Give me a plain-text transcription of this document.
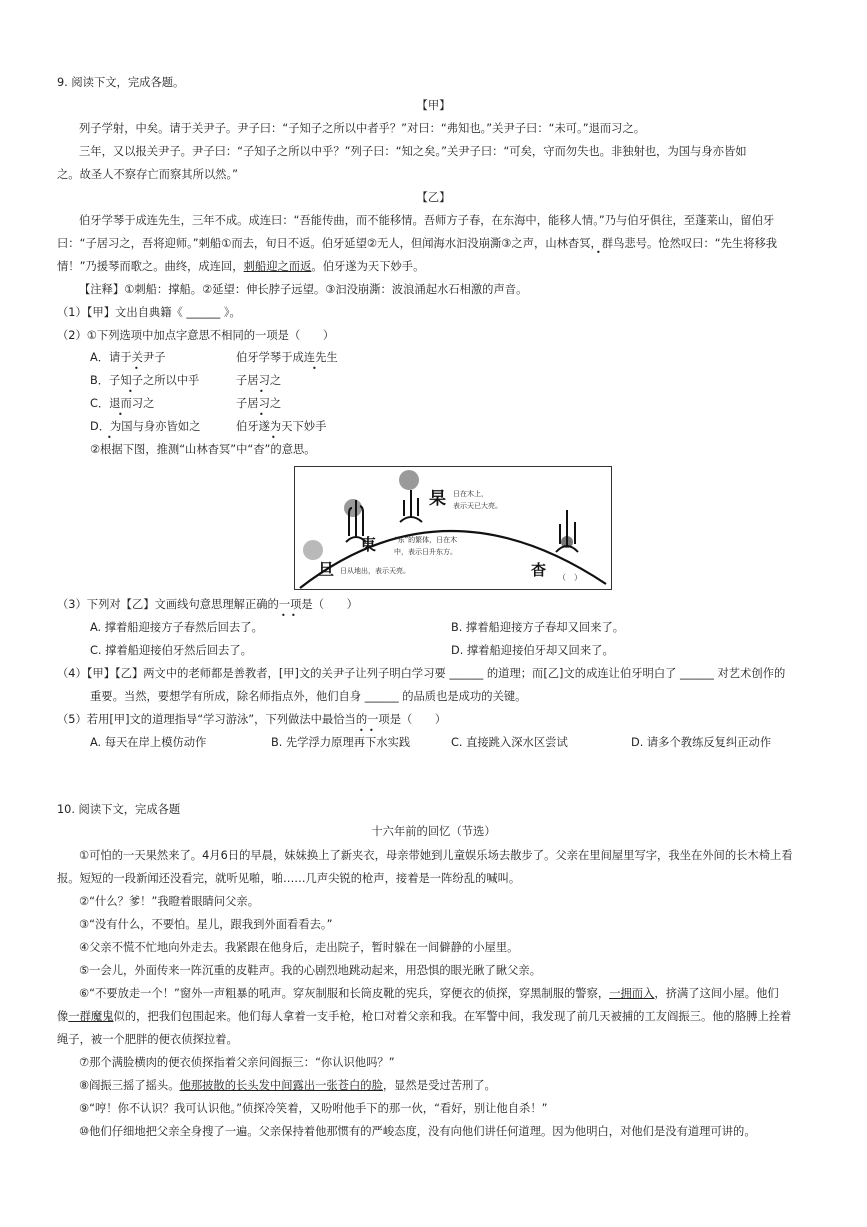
9. 阅读下文，完成各题。
【甲】
列子学射，中矣。请于关尹子。尹子曰：“子知子之所以中者乎？”对曰：“弗知也。”关尹子曰：“未可。”退而习之。
三年，又以报关尹子。尹子曰：“子知子之所以中乎？”列子曰：“知之矣。”关尹子曰：“可矣，守而勿失也。非独射也，为国与身亦皆如
之。故圣人不察存亡而察其所以然。”
【乙】
伯牙学琴于成连先生，三年不成。成连曰：“吾能传曲，而不能移情。吾师方子春，在东海中，能移人情。”乃与伯牙俱往，至蓬莱山，留伯牙
曰：“子居习之，吾将迎师。”刺船①而去，旬日不返。伯牙延望②无人，但闻海水汩没崩澌③之声，山林杳冥，群鸟悲号。怆然叹曰：“先生将移我
情！”乃援琴而歌之。曲终，成连回，刺船迎之而返。伯牙遂为天下妙手。
•
【注释】①刺船：撑船。②延望：伸长脖子远望。③汩没崩澌：波浪涌起水石相激的声音。
（1）【甲】文出自典籍《 ______ 》。
（2）①下列选项中加点字意思不相同的一项是（　　）
A．请于关尹子	伯牙学琴于成连先生
B．子知子之所以中乎	子居习之
C．退而习之	子居习之
D．为国与身亦皆如之	伯牙遂为天下妙手
•	•
•	•
•	•
•	•
②根据下图，推测“山林杳冥”中“杳”的意思。
杲 日在木上，
表示天已大亮。
東	“东”的繁体，日在木
中，表示日升东方。
旦 日从地出，表示天亮。	杳 （　）
（3）下列对【乙】文画线句意思理解正确的一项是（　　）
• •
A. 撑着船迎接方子春然后回去了。	B. 撑着船迎接方子春却又回来了。
C. 撑着船迎接伯牙然后回去了。	D. 撑着船迎接伯牙却又回来了。
（4）【甲】【乙】两文中的老师都是善教者，[甲]文的关尹子让列子明白学习要 ______ 的道理；而[乙]文的成连让伯牙明白了 ______ 对艺术创作的
重要。当然，要想学有所成，除名师指点外，他们自身 ______ 的品质也是成功的关键。
（5）若用[甲]文的道理指导“学习游泳”，下列做法中最恰当的一项是（　　）
• •
A. 每天在岸上模仿动作	B. 先学浮力原理再下水实践	C. 直接跳入深水区尝试	D. 请多个教练反复纠正动作
10. 阅读下文，完成各题
十六年前的回忆（节选）
①可怕的一天果然来了。4月6日的早晨，妹妹换上了新夹衣，母亲带她到儿童娱乐场去散步了。父亲在里间屋里写字，我坐在外间的长木椅上看
报。短短的一段新闻还没看完，就听见啪，啪……几声尖锐的枪声，接着是一阵纷乱的喊叫。
②“什么？爹！”我瞪着眼睛问父亲。
③“没有什么，不要怕。星儿，跟我到外面看看去。”
④父亲不慌不忙地向外走去。我紧跟在他身后，走出院子，暂时躲在一间僻静的小屋里。
⑤一会儿，外面传来一阵沉重的皮鞋声。我的心剧烈地跳动起来，用恐惧的眼光瞅了瞅父亲。
⑥“不要放走一个！”窗外一声粗暴的吼声。穿灰制服和长筒皮靴的宪兵，穿便衣的侦探，穿黑制服的警察，一拥而入，挤满了这间小屋。他们
像一群魔鬼似的，把我们包围起来。他们每人拿着一支手枪，枪口对着父亲和我。在军警中间，我发现了前几天被捕的工友阎振三。他的胳膊上拴着
绳子，被一个肥胖的便衣侦探拉着。
⑦那个满脸横肉的便衣侦探指着父亲问阎振三：“你认识他吗？”
⑧阎振三摇了摇头。他那披散的长头发中间露出一张苍白的脸，显然是受过苦刑了。
⑨“哼！你不认识？我可认识他。”侦探冷笑着，又吩咐他手下的那一伙，“看好，别让他自杀！”
⑩他们仔细地把父亲全身搜了一遍。父亲保持着他那惯有的严峻态度，没有向他们讲任何道理。因为他明白，对他们是没有道理可讲的。
